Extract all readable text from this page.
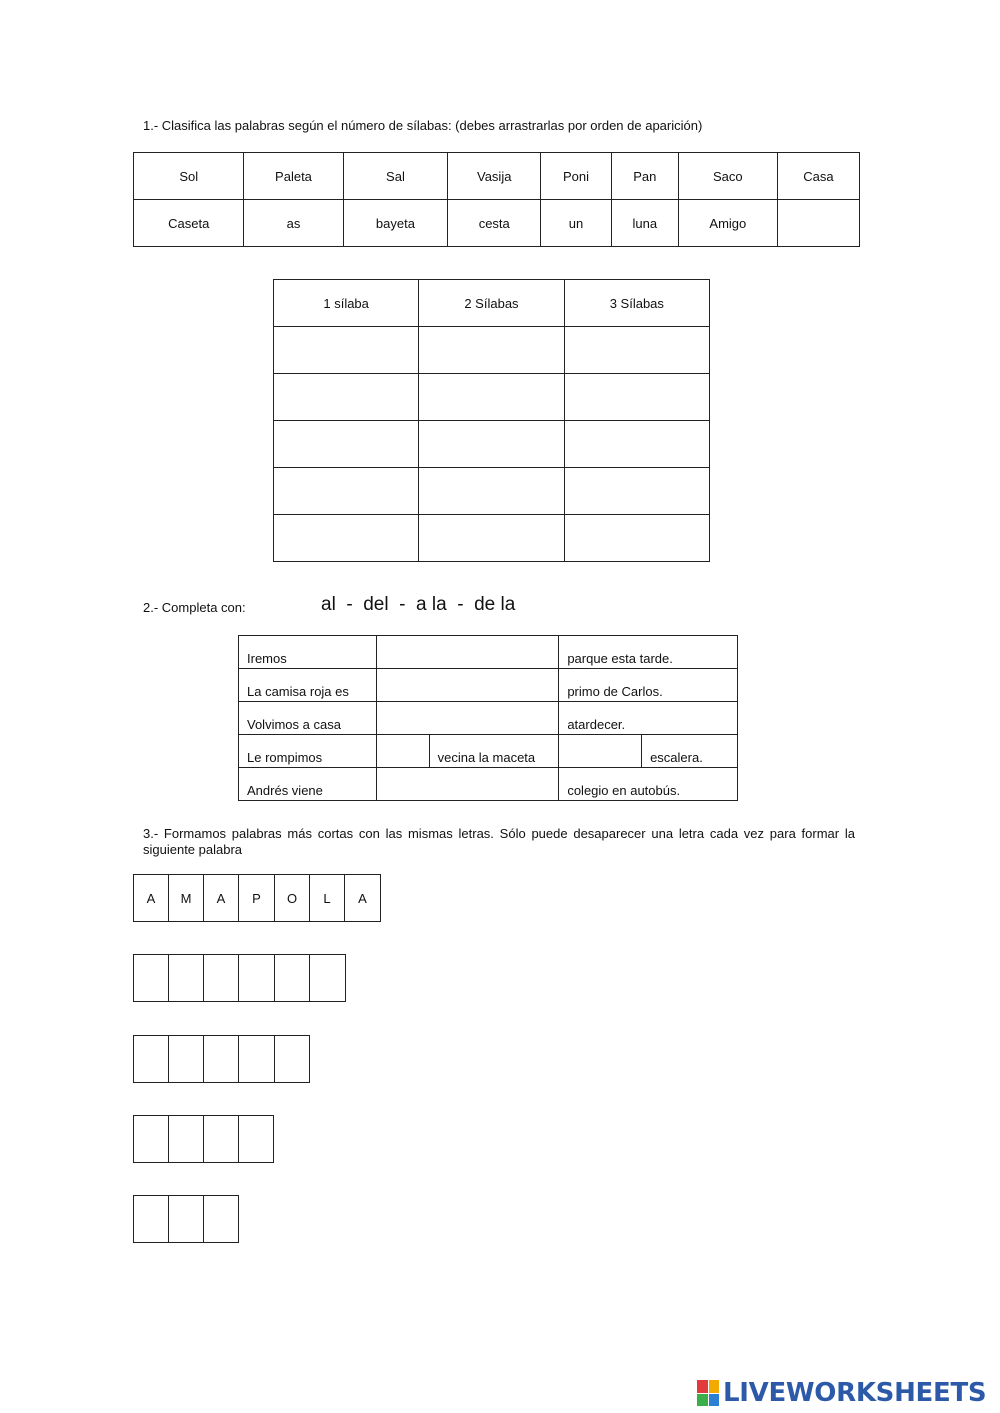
1.- Clasifica las palabras según el número de sílabas: (debes arrastrarlas por orden de aparición)
Sol	Paleta	Sal	Vasija	Poni	Pan	Saco	Casa
Caseta	as	bayeta	cesta	un	luna	Amigo	
1 sílaba	2 Sílabas	3 Sílabas

2.- Completa con:	al  -  del  -  a la  -  de la
Iremos			parque esta tarde.	
La camisa roja es			primo de Carlos.	
Volvimos a casa			atardecer.	
Le rompimos		vecina la maceta		escalera.
Andrés viene			colegio en autobús.	
3.- Formamos palabras más cortas con las mismas letras. Sólo puede desaparecer una letra cada vez para formar la
siguiente palabra
A	M	A	P	O	L	A
LIVEWORKSHEETS
